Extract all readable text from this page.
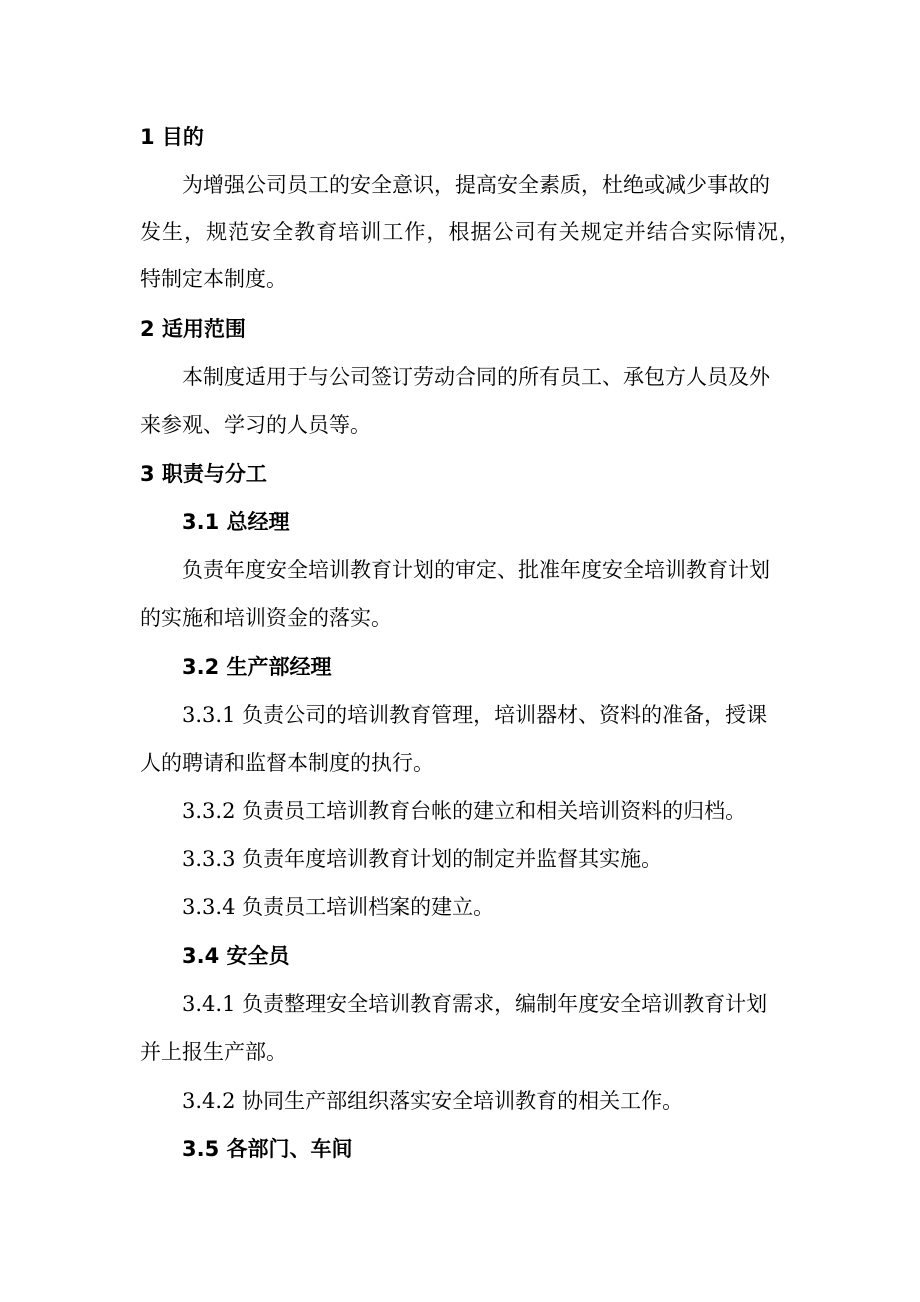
1 目的
为增强公司员工的安全意识，提高安全素质，杜绝或减少事故的
发生，规范安全教育培训工作，根据公司有关规定并结合实际情况，
特制定本制度。
2 适用范围
本制度适用于与公司签订劳动合同的所有员工、承包方人员及外
来参观、学习的人员等。
3 职责与分工
3.1 总经理
负责年度安全培训教育计划的审定、批准年度安全培训教育计划
的实施和培训资金的落实。
3.2 生产部经理
3.3.1 负责公司的培训教育管理，培训器材、资料的准备，授课
人的聘请和监督本制度的执行。
3.3.2 负责员工培训教育台帐的建立和相关培训资料的归档。
3.3.3 负责年度培训教育计划的制定并监督其实施。
3.3.4 负责员工培训档案的建立。
3.4 安全员
3.4.1 负责整理安全培训教育需求，编制年度安全培训教育计划
并上报生产部。
3.4.2 协同生产部组织落实安全培训教育的相关工作。
3.5 各部门、车间
